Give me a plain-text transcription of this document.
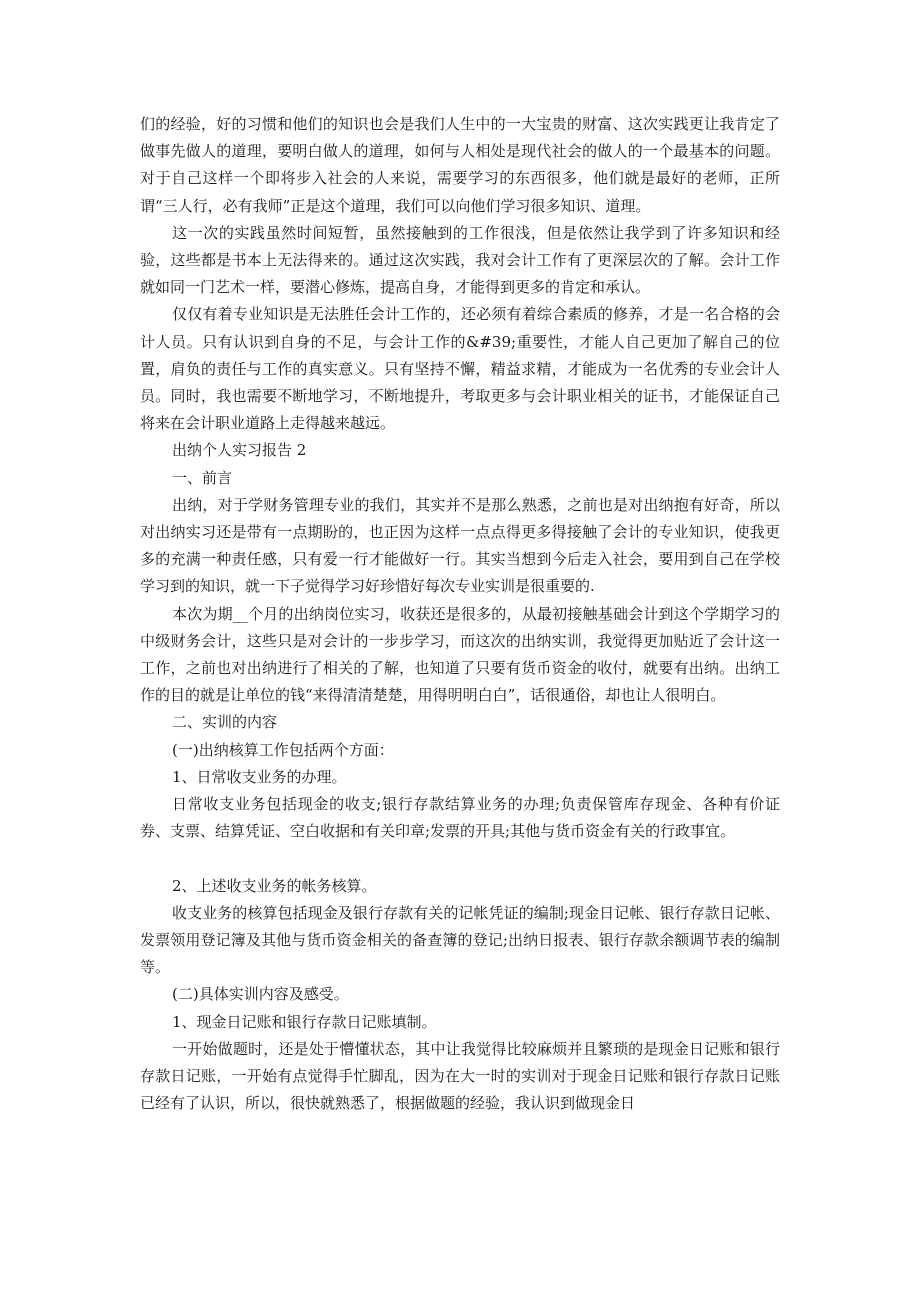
们的经验，好的习惯和他们的知识也会是我们人生中的一大宝贵的财富、这次实践更让我肯定了做事先做人的道理，要明白做人的道理，如何与人相处是现代社会的做人的一个最基本的问题。对于自己这样一个即将步入社会的人来说，需要学习的东西很多，他们就是最好的老师，正所谓“三人行，必有我师”正是这个道理，我们可以向他们学习很多知识、道理。

这一次的实践虽然时间短暂，虽然接触到的工作很浅，但是依然让我学到了许多知识和经验，这些都是书本上无法得来的。通过这次实践，我对会计工作有了更深层次的了解。会计工作就如同一门艺术一样，要潜心修炼，提高自身，才能得到更多的肯定和承认。

仅仅有着专业知识是无法胜任会计工作的，还必须有着综合素质的修养，才是一名合格的会计人员。只有认识到自身的不足，与会计工作的&#39;重要性，才能人自己更加了解自己的位置，肩负的责任与工作的真实意义。只有坚持不懈，精益求精，才能成为一名优秀的专业会计人员。同时，我也需要不断地学习，不断地提升，考取更多与会计职业相关的证书，才能保证自己将来在会计职业道路上走得越来越远。

出纳个人实习报告 2

一、前言

出纳，对于学财务管理专业的我们，其实并不是那么熟悉，之前也是对出纳抱有好奇，所以对出纳实习还是带有一点期盼的，也正因为这样一点点得更多得接触了会计的专业知识，使我更多的充满一种责任感，只有爱一行才能做好一行。其实当想到今后走入社会，要用到自己在学校学习到的知识，就一下子觉得学习好珍惜好每次专业实训是很重要的.

本次为期__个月的出纳岗位实习，收获还是很多的，从最初接触基础会计到这个学期学习的中级财务会计，这些只是对会计的一步步学习，而这次的出纳实训，我觉得更加贴近了会计这一工作，之前也对出纳进行了相关的了解，也知道了只要有货币资金的收付，就要有出纳。出纳工作的目的就是让单位的钱“来得清清楚楚，用得明明白白”，话很通俗，却也让人很明白。

二、实训的内容

(一)出纳核算工作包括两个方面：

1、日常收支业务的办理。

日常收支业务包括现金的收支;银行存款结算业务的办理;负责保管库存现金、各种有价证券、支票、结算凭证、空白收据和有关印章;发票的开具;其他与货币资金有关的行政事宜。

2、上述收支业务的帐务核算。

收支业务的核算包括现金及银行存款有关的记帐凭证的编制;现金日记帐、银行存款日记帐、发票领用登记簿及其他与货币资金相关的备查簿的登记;出纳日报表、银行存款余额调节表的编制等。

(二)具体实训内容及感受。

1、现金日记账和银行存款日记账填制。

一开始做题时，还是处于懵懂状态，其中让我觉得比较麻烦并且繁琐的是现金日记账和银行存款日记账，一开始有点觉得手忙脚乱，因为在大一时的实训对于现金日记账和银行存款日记账已经有了认识，所以，很快就熟悉了，根据做题的经验，我认识到做现金日
